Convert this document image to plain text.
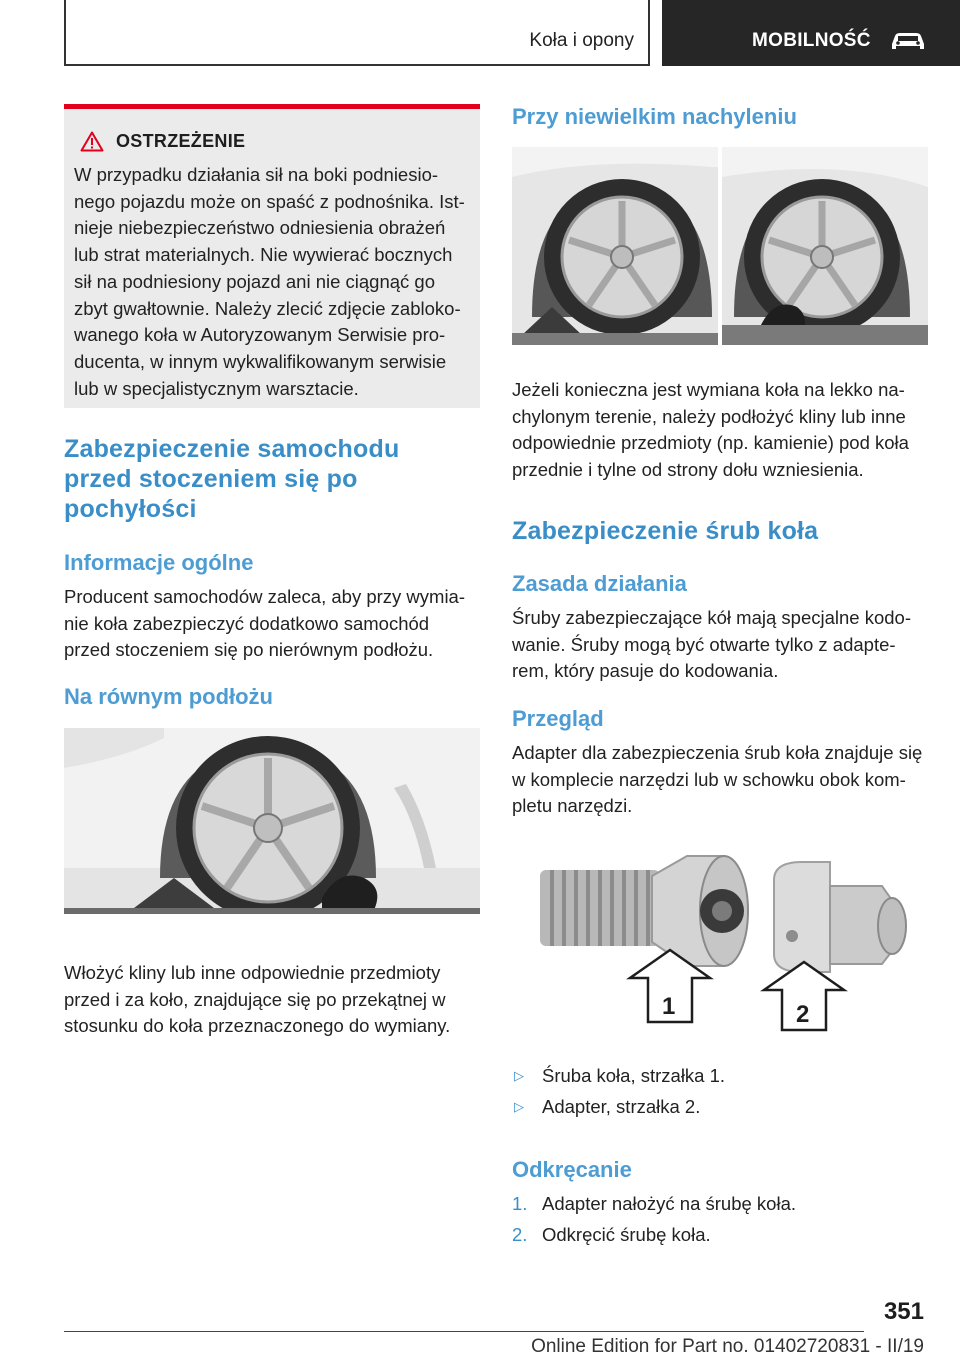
Koła i opony	MOBILNOŚĆ
OSTRZEŻENIE
W przypadku działania sił na boki podniesio-
nego pojazdu może on spaść z podnośnika. Ist-
nieje niebezpieczeństwo odniesienia obrażeń
lub strat materialnych. Nie wywierać bocznych
sił na podniesiony pojazd ani nie ciągnąć go
zbyt gwałtownie. Należy zlecić zdjęcie zabloko-
wanego koła w Autoryzowanym Serwisie pro-
ducenta, w innym wykwalifikowanym serwisie
lub w specjalistycznym warsztacie.
Zabezpieczenie samochodu
przed stoczeniem się po
pochyłości
Informacje ogólne

Producent samochodów zaleca, aby przy wymia-
nie koła zabezpieczyć dodatkowo samochód
przed stoczeniem się po nierównym podłożu.

Na równym podłożu

Włożyć kliny lub inne odpowiednie przedmioty
przed i za koło, znajdujące się po przekątnej w
stosunku do koła przeznaczonego do wymiany.

Przy niewielkim nachyleniu

Jeżeli konieczna jest wymiana koła na lekko na-
chylonym terenie, należy podłożyć kliny lub inne
odpowiednie przedmioty (np. kamienie) pod koła
przednie i tylne od strony dołu wzniesienia.

Zabezpieczenie śrub koła
Zasada działania

Śruby zabezpieczające kół mają specjalne kodo-
wanie. Śruby mogą być otwarte tylko z adapte-
rem, który pasuje do kodowania.

Przegląd

Adapter dla zabezpieczenia śrub koła znajduje się
w komplecie narzędzi lub w schowku obok kom-
pletu narzędzi.

1	2
▷ Śruba koła, strzałka 1.
▷ Adapter, strzałka 2.
Odkręcanie
1. Adapter nałożyć na śrubę koła.
2. Odkręcić śrubę koła.
351
Online Edition for Part no. 01402720831 - II/19
